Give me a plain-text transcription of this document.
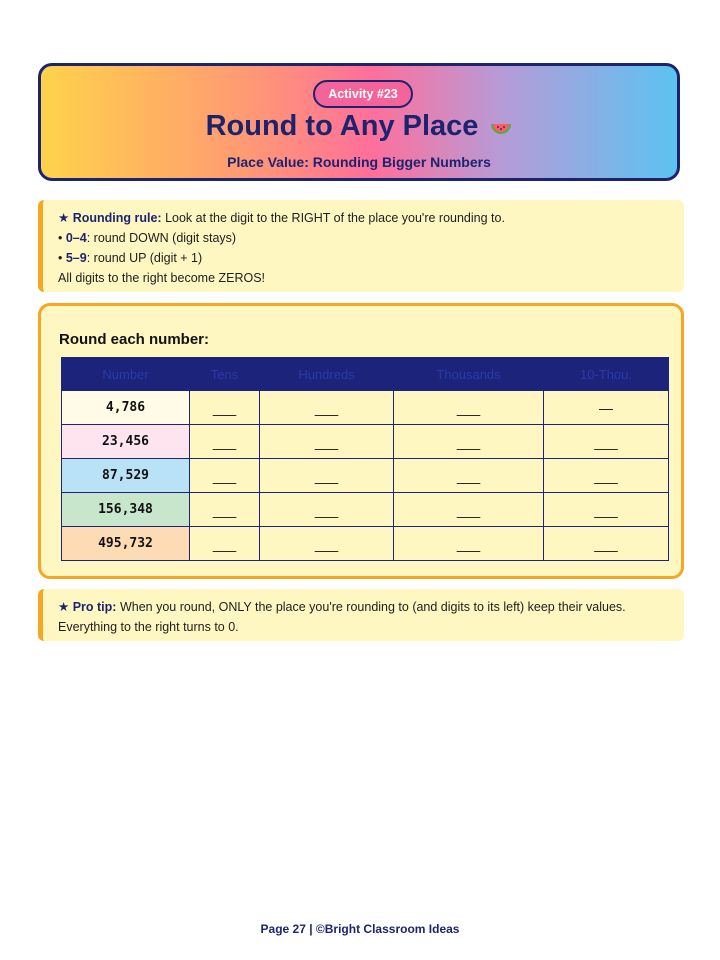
Activity #23
Round to Any Place
Place Value: Rounding Bigger Numbers
★ Rounding rule: Look at the digit to the RIGHT of the place you're rounding to.
• 0–4: round DOWN (digit stays)
• 5–9: round UP (digit + 1)
All digits to the right become ZEROS!
Round each number:
Number	Tens	Hundreds	Thousands	10-Thou.
4,786	___	___	___	—
23,456	___	___	___	___
87,529	___	___	___	___
156,348	___	___	___	___
495,732	___	___	___	___
★ Pro tip: When you round, ONLY the place you're rounding to (and digits to its left) keep their values. Everything to the right turns to 0.
Page 27 | ©Bright Classroom Ideas
